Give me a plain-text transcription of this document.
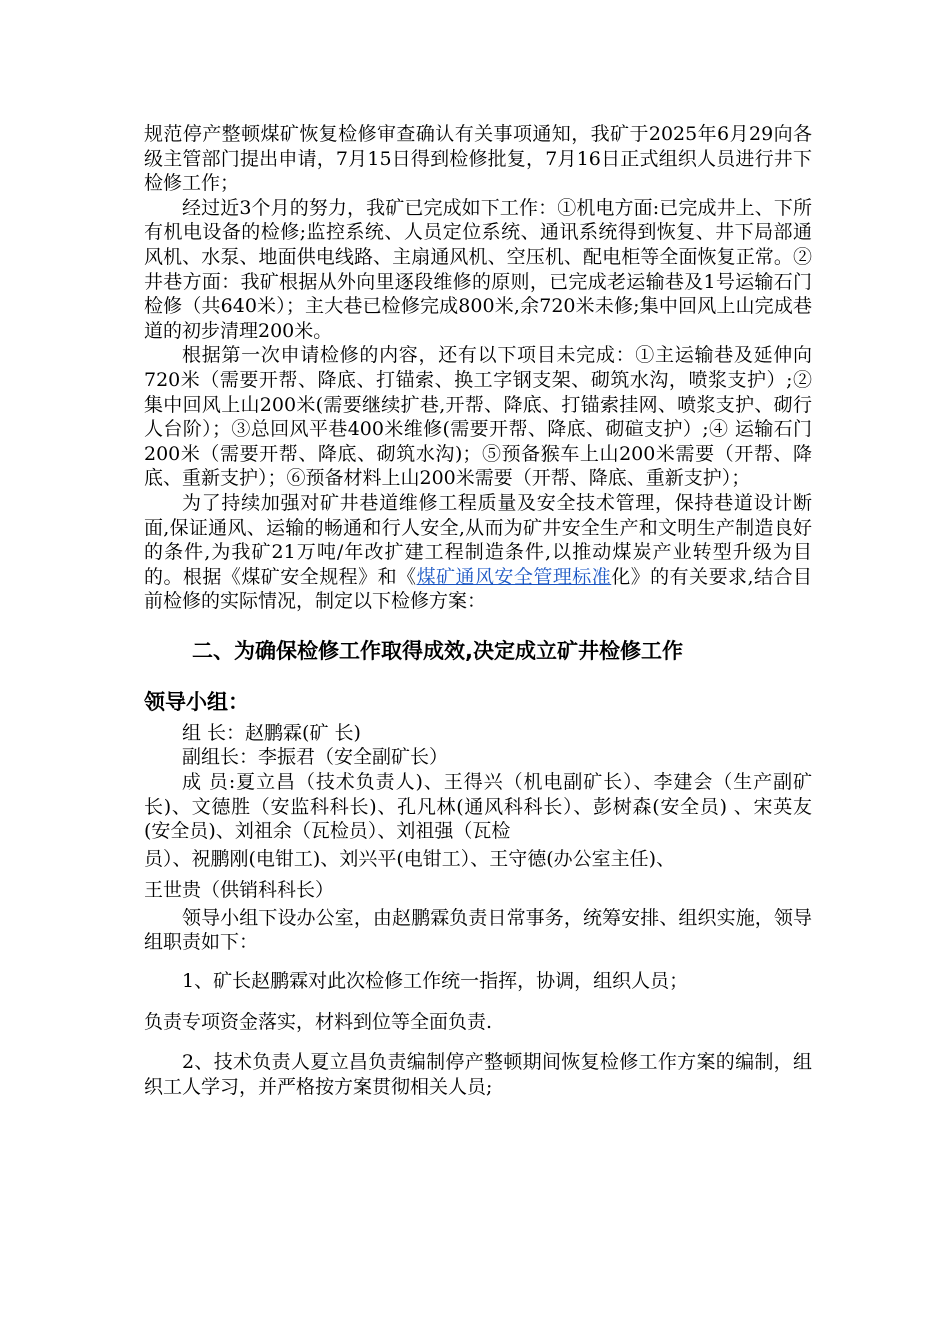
规范停产整顿煤矿恢复检修审查确认有关事项通知，我矿于2025年6月29向各级主管部门提出申请，7月15日得到检修批复，7月16日正式组织人员进行井下检修工作；

经过近3个月的努力，我矿已完成如下工作：①机电方面:已完成井上、下所有机电设备的检修;监控系统、人员定位系统、通讯系统得到恢复、井下局部通风机、水泵、地面供电线路、主扇通风机、空压机、配电柜等全面恢复正常。②井巷方面：我矿根据从外向里逐段维修的原则，已完成老运输巷及1号运输石门检修（共640米）；主大巷已检修完成800米,余720米未修;集中回风上山完成巷道的初步清理200米。

根据第一次申请检修的内容，还有以下项目未完成：①主运输巷及延伸向720米（需要开帮、降底、打锚索、换工字钢支架、砌筑水沟，喷浆支护）;② 集中回风上山200米(需要继续扩巷,开帮、降底、打锚索挂网、喷浆支护、砌行人台阶）；③总回风平巷400米维修(需要开帮、降底、砌碹支护）;④ 运输石门200米（需要开帮、降底、砌筑水沟)；⑤预备猴车上山200米需要（开帮、降底、重新支护）；⑥预备材料上山200米需要（开帮、降底、重新支护）；

为了持续加强对矿井巷道维修工程质量及安全技术管理，保持巷道设计断面,保证通风、运输的畅通和行人安全,从而为矿井安全生产和文明生产制造良好的条件,为我矿21万吨/年改扩建工程制造条件,以推动煤炭产业转型升级为目的。根据《煤矿安全规程》和《煤矿通风安全管理标准化》的有关要求,结合目前检修的实际情况，制定以下检修方案：

二、为确保检修工作取得成效,决定成立矿井检修工作

领导小组：

组 长：赵鹏霖(矿 长)

副组长：李振君（安全副矿长）

成 员:夏立昌（技术负责人)、王得兴（机电副矿长）、李建会（生产副矿长)、文德胜（安监科科长)、孔凡林(通风科科长）、彭树森(安全员) 、宋英友(安全员)、刘祖余（瓦检员）、刘祖强（瓦检

员）、祝鹏刚(电钳工)、刘兴平(电钳工）、王守德(办公室主任)、

王世贵（供销科科长）

领导小组下设办公室，由赵鹏霖负责日常事务，统筹安排、组织实施，领导组职责如下：

1、矿长赵鹏霖对此次检修工作统一指挥，协调，组织人员；

负责专项资金落实，材料到位等全面负责.

2、技术负责人夏立昌负责编制停产整顿期间恢复检修工作方案的编制，组织工人学习，并严格按方案贯彻相关人员;
